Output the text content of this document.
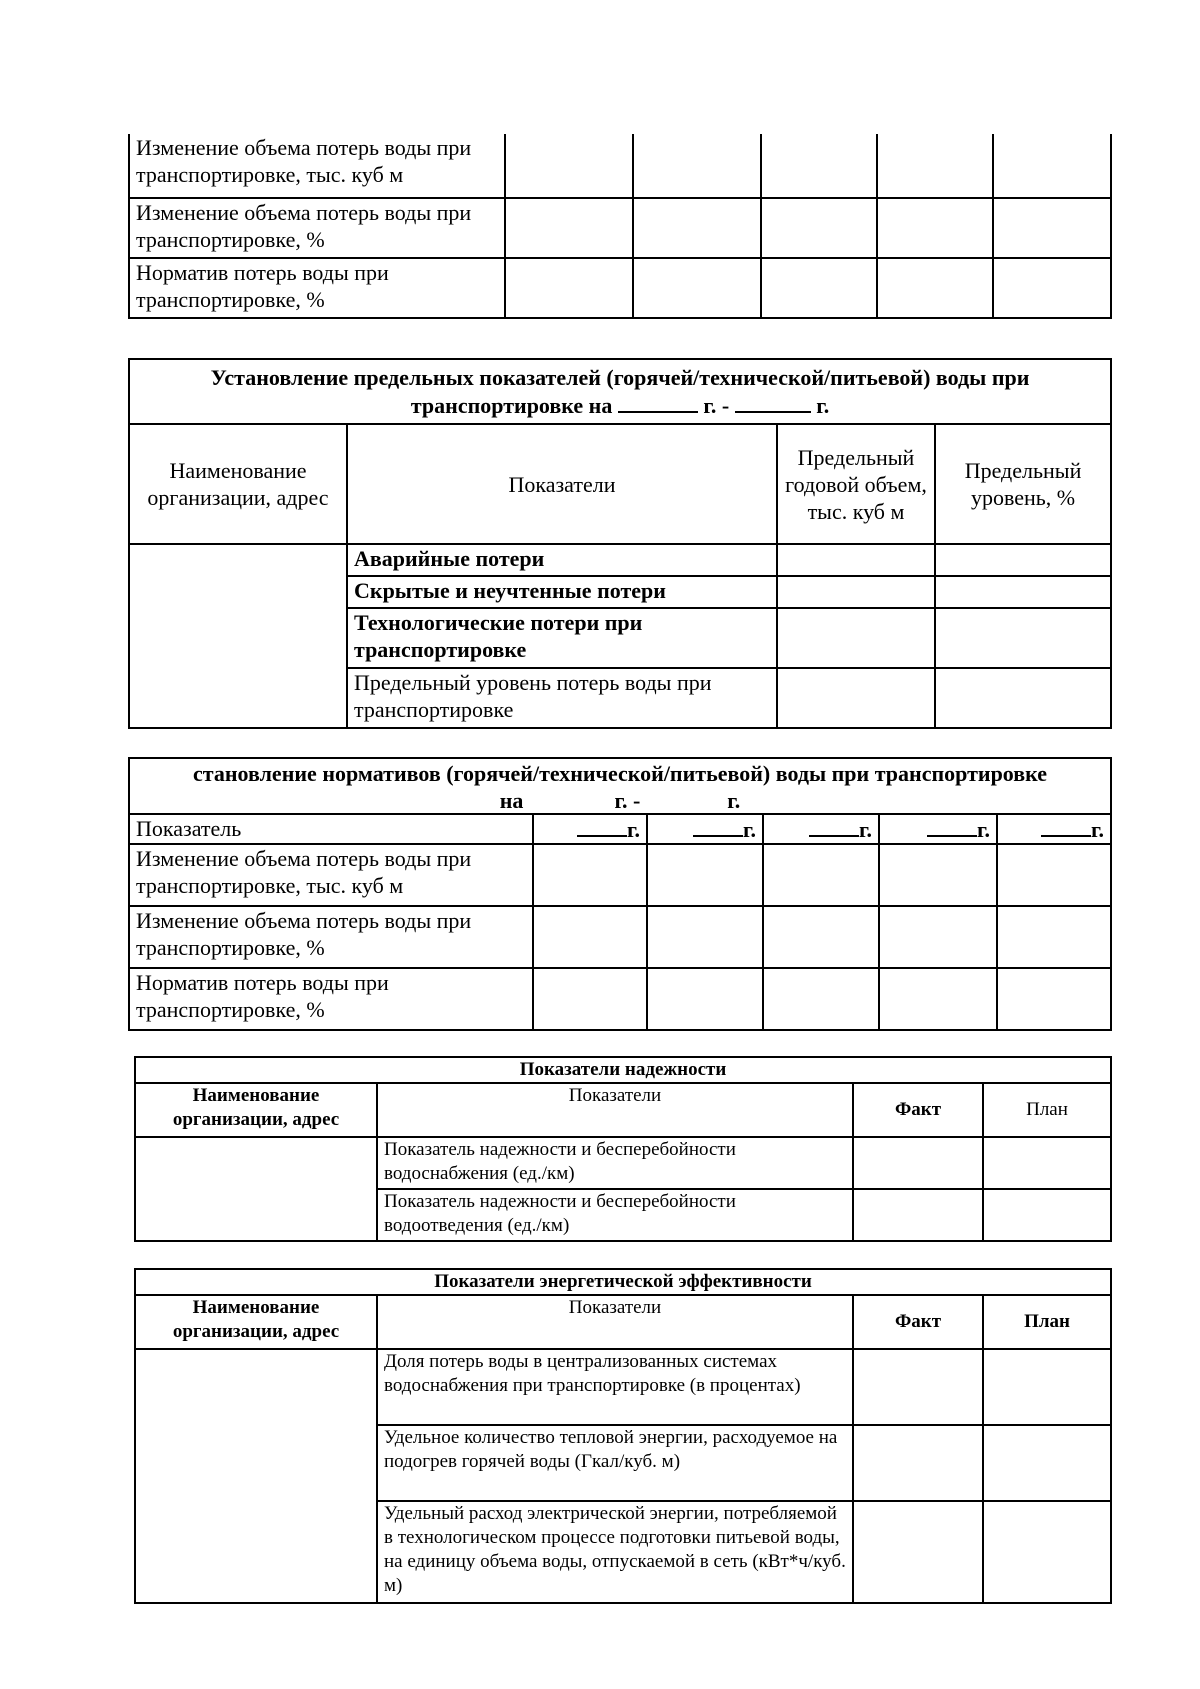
Изменение объема потерь воды при транспортировке, тыс. куб м					
Изменение объема потерь воды при транспортировке, %					
Норматив потерь воды при транспортировке, %					
Установление предельных показателей (горячей/технической/питьевой) воды при транспортировке на г. - г.			
Наименование организации, адрес	Показатели	Предельный годовой объем, тыс. куб м	Предельный уровень, %
	Аварийные потери		
	Скрытые и неучтенные потери		
	Технологические потери при транспортировке		
	Предельный уровень потерь воды при транспортировке		
становление нормативов (горячей/технической/питьевой) воды при транспортировке
на г. - г.					
Показатель	г.	г.	г.	г.	г.
Изменение объема потерь воды при транспортировке, тыс. куб м					
Изменение объема потерь воды при транспортировке, %					
Норматив потерь воды при транспортировке, %					
Показатели надежности			
Наименование организации, адрес	Показатели	Факт	План
	Показатель надежности и бесперебойности водоснабжения (ед./км)		
	Показатель надежности и бесперебойности водоотведения (ед./км)		
Показатели энергетической эффективности			
Наименование организации, адрес	Показатели	Факт	План
	Доля потерь воды в централизованных системах водоснабжения при транспортировке (в процентах)		
	Удельное количество тепловой энергии, расходуемое на подогрев горячей воды (Гкал/куб. м)		
	Удельный расход электрической энергии, потребляемой в технологическом процессе подготовки питьевой воды, на единицу объема воды, отпускаемой в сеть (кВт*ч/куб. м)		
